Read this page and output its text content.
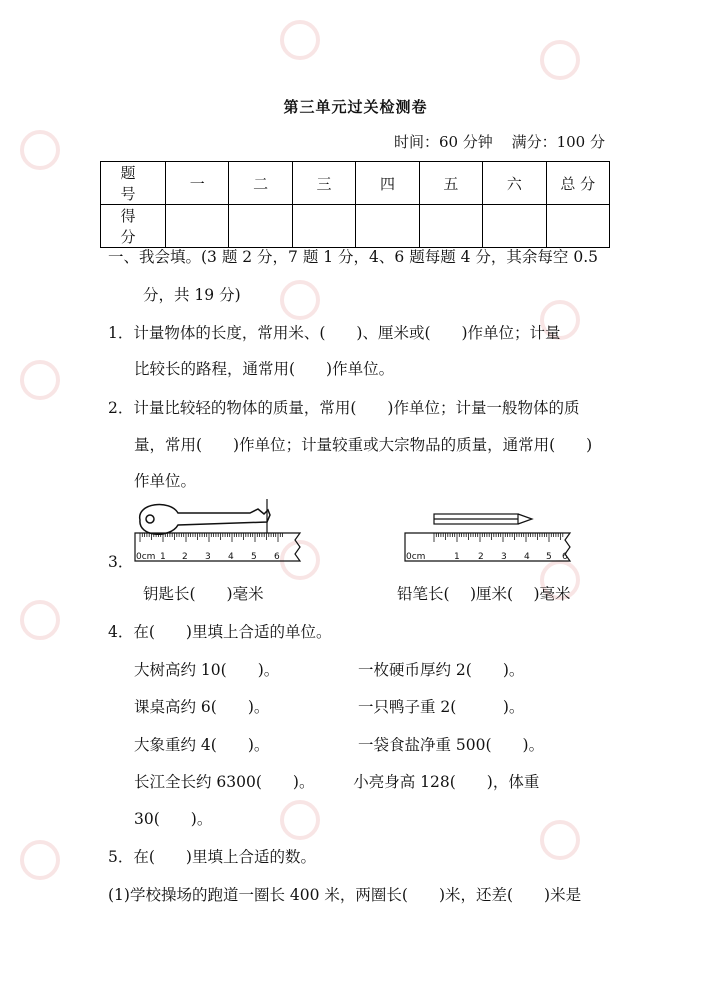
第三单元过关检测卷
时间：60 分钟 满分：100 分
题　号	一	二	三	四	五	六	总 分
得　分							
一、我会填。(3 题 2 分，7 题 1 分，4、6 题每题 4 分，其余每空 0.5
分，共 19 分)
1．计量物体的长度，常用米、(　　)、厘米或(　　)作单位；计量
比较长的路程，通常用(　　)作单位。
2．计量比较轻的物体的质量，常用(　　)作单位；计量一般物体的质
量，常用(　　)作单位；计量较重或大宗物品的质量，通常用(　　)
作单位。
3． 0cm 1 2 3 4 5 6	0cm	1 2 3 4 5 6
钥匙长(　　)毫米	铅笔长(　 )厘米(　 )毫米
4．在(　　)里填上合适的单位。
大树高约 10(　　)。	一枚硬币厚约 2(　　)。
课桌高约 6(　　)。	一只鸭子重 2(　　　)。
大象重约 4(　　)。	一袋食盐净重 500(　　)。
长江全长约 6300(　　)。　　　小亮身高 128(　　)，体重
30(　　)。
5．在(　　)里填上合适的数。
(1)学校操场的跑道一圈长 400 米，两圈长(　　)米，还差(　　)米是
